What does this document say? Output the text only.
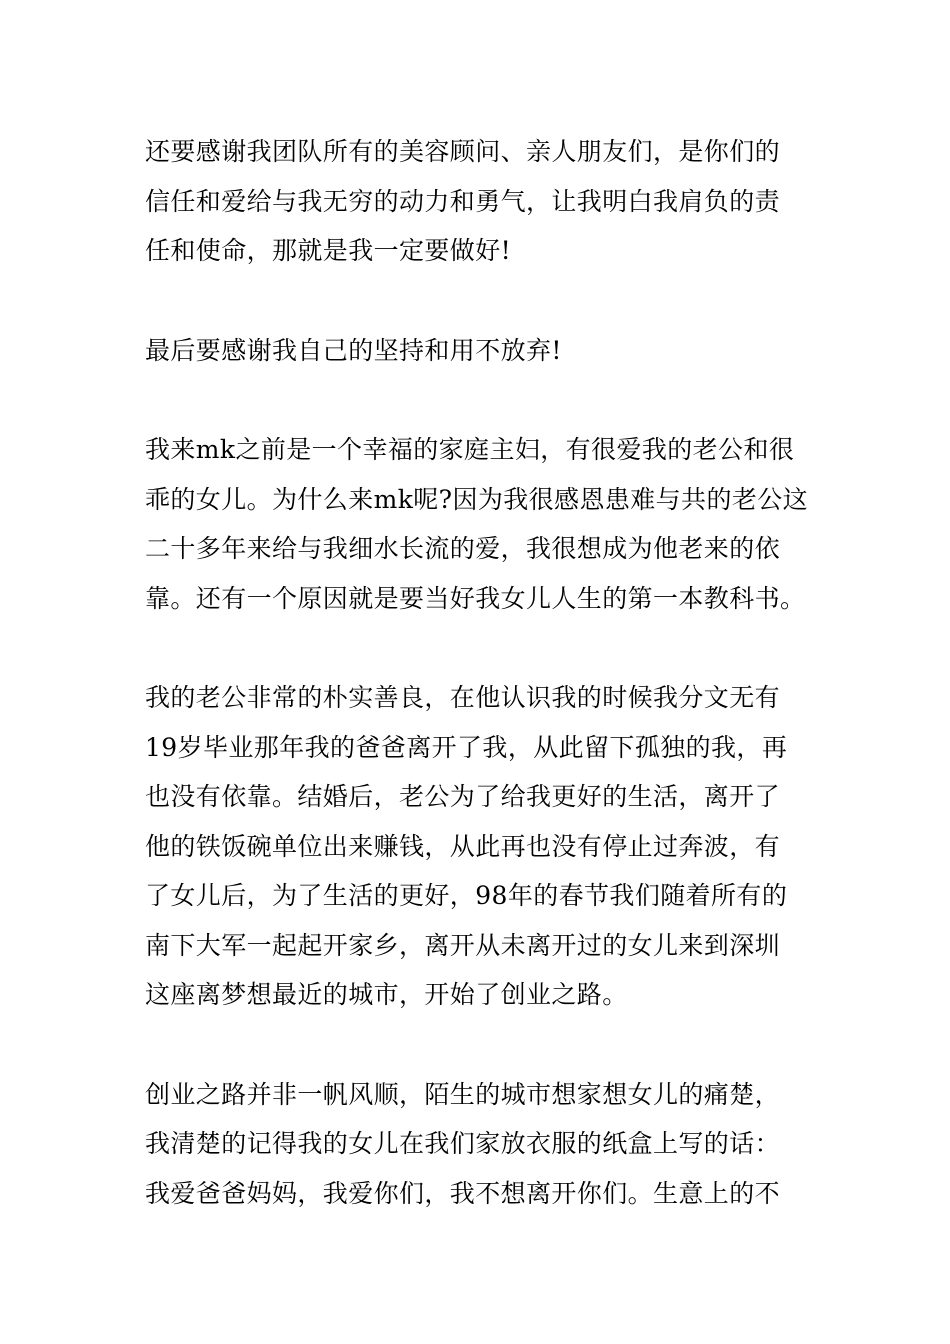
还要感谢我团队所有的美容顾问、亲人朋友们，是你们的
信任和爱给与我无穷的动力和勇气，让我明白我肩负的责
任和使命，那就是我一定要做好!

最后要感谢我自己的坚持和用不放弃!

我来mk之前是一个幸福的家庭主妇，有很爱我的老公和很
乖的女儿。为什么来mk呢?因为我很感恩患难与共的老公这
二十多年来给与我细水长流的爱，我很想成为他老来的依
靠。还有一个原因就是要当好我女儿人生的第一本教科书。

我的老公非常的朴实善良，在他认识我的时候我分文无有
19岁毕业那年我的爸爸离开了我，从此留下孤独的我，再
也没有依靠。结婚后，老公为了给我更好的生活，离开了
他的铁饭碗单位出来赚钱，从此再也没有停止过奔波，有
了女儿后，为了生活的更好，98年的春节我们随着所有的
南下大军一起起开家乡，离开从未离开过的女儿来到深圳
这座离梦想最近的城市，开始了创业之路。

创业之路并非一帆风顺，陌生的城市想家想女儿的痛楚，
我清楚的记得我的女儿在我们家放衣服的纸盒上写的话：
我爱爸爸妈妈，我爱你们，我不想离开你们。生意上的不
